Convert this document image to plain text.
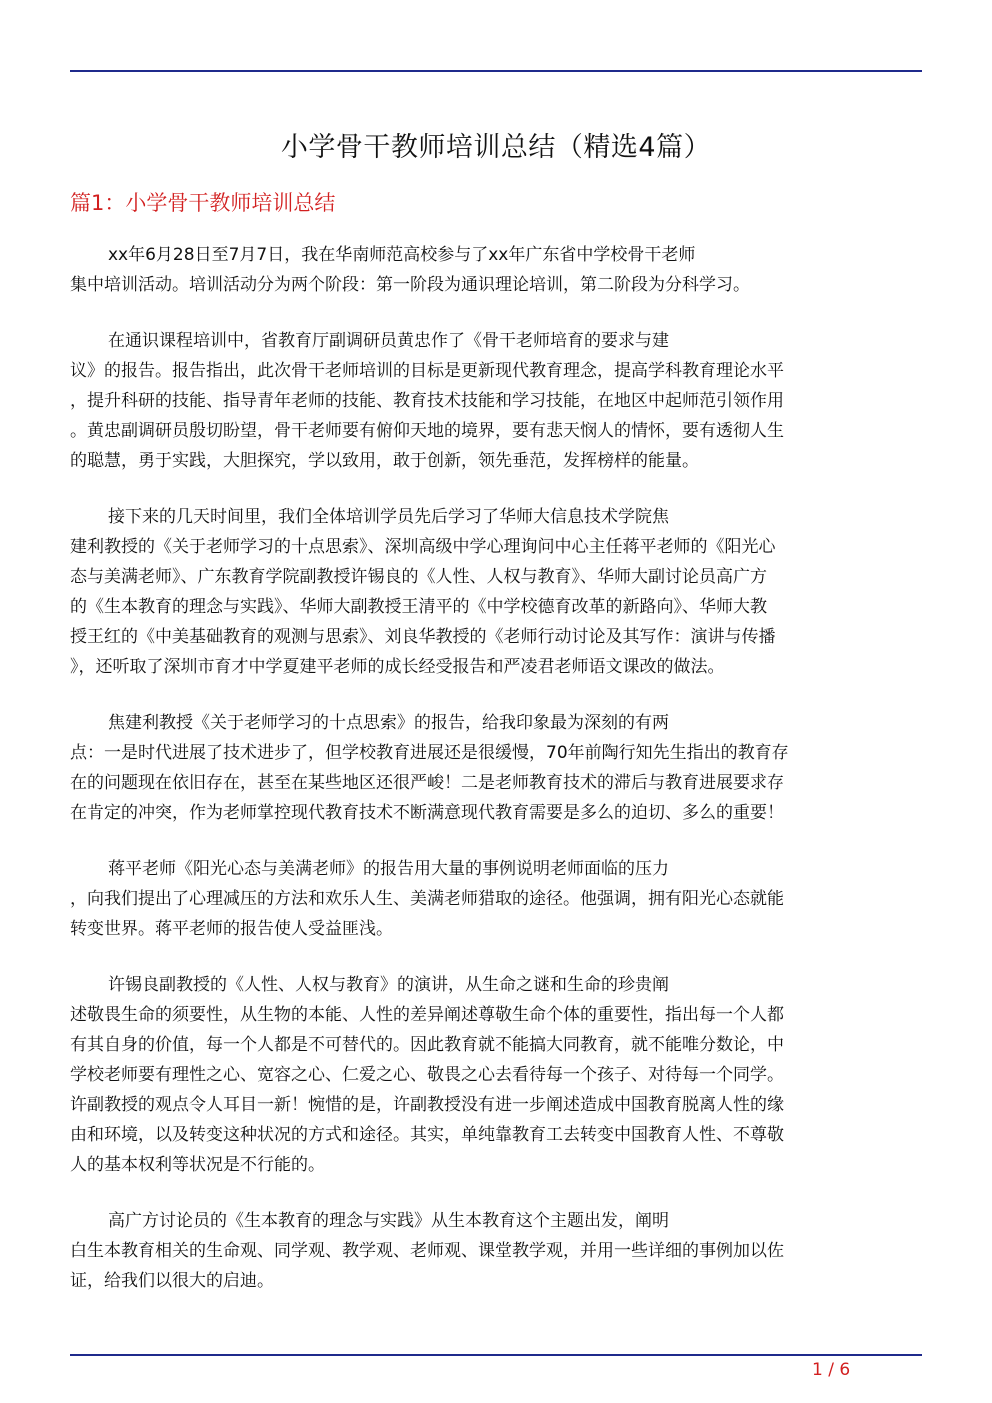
小学骨干教师培训总结（精选4篇）
篇1：小学骨干教师培训总结

xx年6月28日至7月7日，我在华南师范高校参与了xx年广东省中学校骨干老师
集中培训活动。培训活动分为两个阶段：第一阶段为通识理论培训，第二阶段为分科学习。

在通识课程培训中，省教育厅副调研员黄忠作了《骨干老师培育的要求与建
议》的报告。报告指出，此次骨干老师培训的目标是更新现代教育理念，提高学科教育理论水平
，提升科研的技能、指导青年老师的技能、教育技术技能和学习技能，在地区中起师范引领作用
。黄忠副调研员殷切盼望，骨干老师要有俯仰天地的境界，要有悲天悯人的情怀，要有透彻人生
的聪慧，勇于实践，大胆探究，学以致用，敢于创新，领先垂范，发挥榜样的能量。

接下来的几天时间里，我们全体培训学员先后学习了华师大信息技术学院焦
建利教授的《关于老师学习的十点思索》、深圳高级中学心理询问中心主任蒋平老师的《阳光心
态与美满老师》、广东教育学院副教授许锡良的《人性、人权与教育》、华师大副讨论员高广方
的《生本教育的理念与实践》、华师大副教授王清平的《中学校德育改革的新路向》、华师大教
授王红的《中美基础教育的观测与思索》、刘良华教授的《老师行动讨论及其写作：演讲与传播
》，还听取了深圳市育才中学夏建平老师的成长经受报告和严凌君老师语文课改的做法。

焦建利教授《关于老师学习的十点思索》的报告，给我印象最为深刻的有两
点：一是时代进展了技术进步了，但学校教育进展还是很缓慢，70年前陶行知先生指出的教育存
在的问题现在依旧存在，甚至在某些地区还很严峻！二是老师教育技术的滞后与教育进展要求存
在肯定的冲突，作为老师掌控现代教育技术不断满意现代教育需要是多么的迫切、多么的重要！

蒋平老师《阳光心态与美满老师》的报告用大量的事例说明老师面临的压力
，向我们提出了心理减压的方法和欢乐人生、美满老师猎取的途径。他强调，拥有阳光心态就能
转变世界。蒋平老师的报告使人受益匪浅。

许锡良副教授的《人性、人权与教育》的演讲，从生命之谜和生命的珍贵阐
述敬畏生命的须要性，从生物的本能、人性的差异阐述尊敬生命个体的重要性，指出每一个人都
有其自身的价值，每一个人都是不可替代的。因此教育就不能搞大同教育，就不能唯分数论，中
学校老师要有理性之心、宽容之心、仁爱之心、敬畏之心去看待每一个孩子、对待每一个同学。
许副教授的观点令人耳目一新！惋惜的是，许副教授没有进一步阐述造成中国教育脱离人性的缘
由和环境，以及转变这种状况的方式和途径。其实，单纯靠教育工去转变中国教育人性、不尊敬
人的基本权利等状况是不行能的。

高广方讨论员的《生本教育的理念与实践》从生本教育这个主题出发，阐明
白生本教育相关的生命观、同学观、教学观、老师观、课堂教学观，并用一些详细的事例加以佐
证，给我们以很大的启迪。

1 / 6
